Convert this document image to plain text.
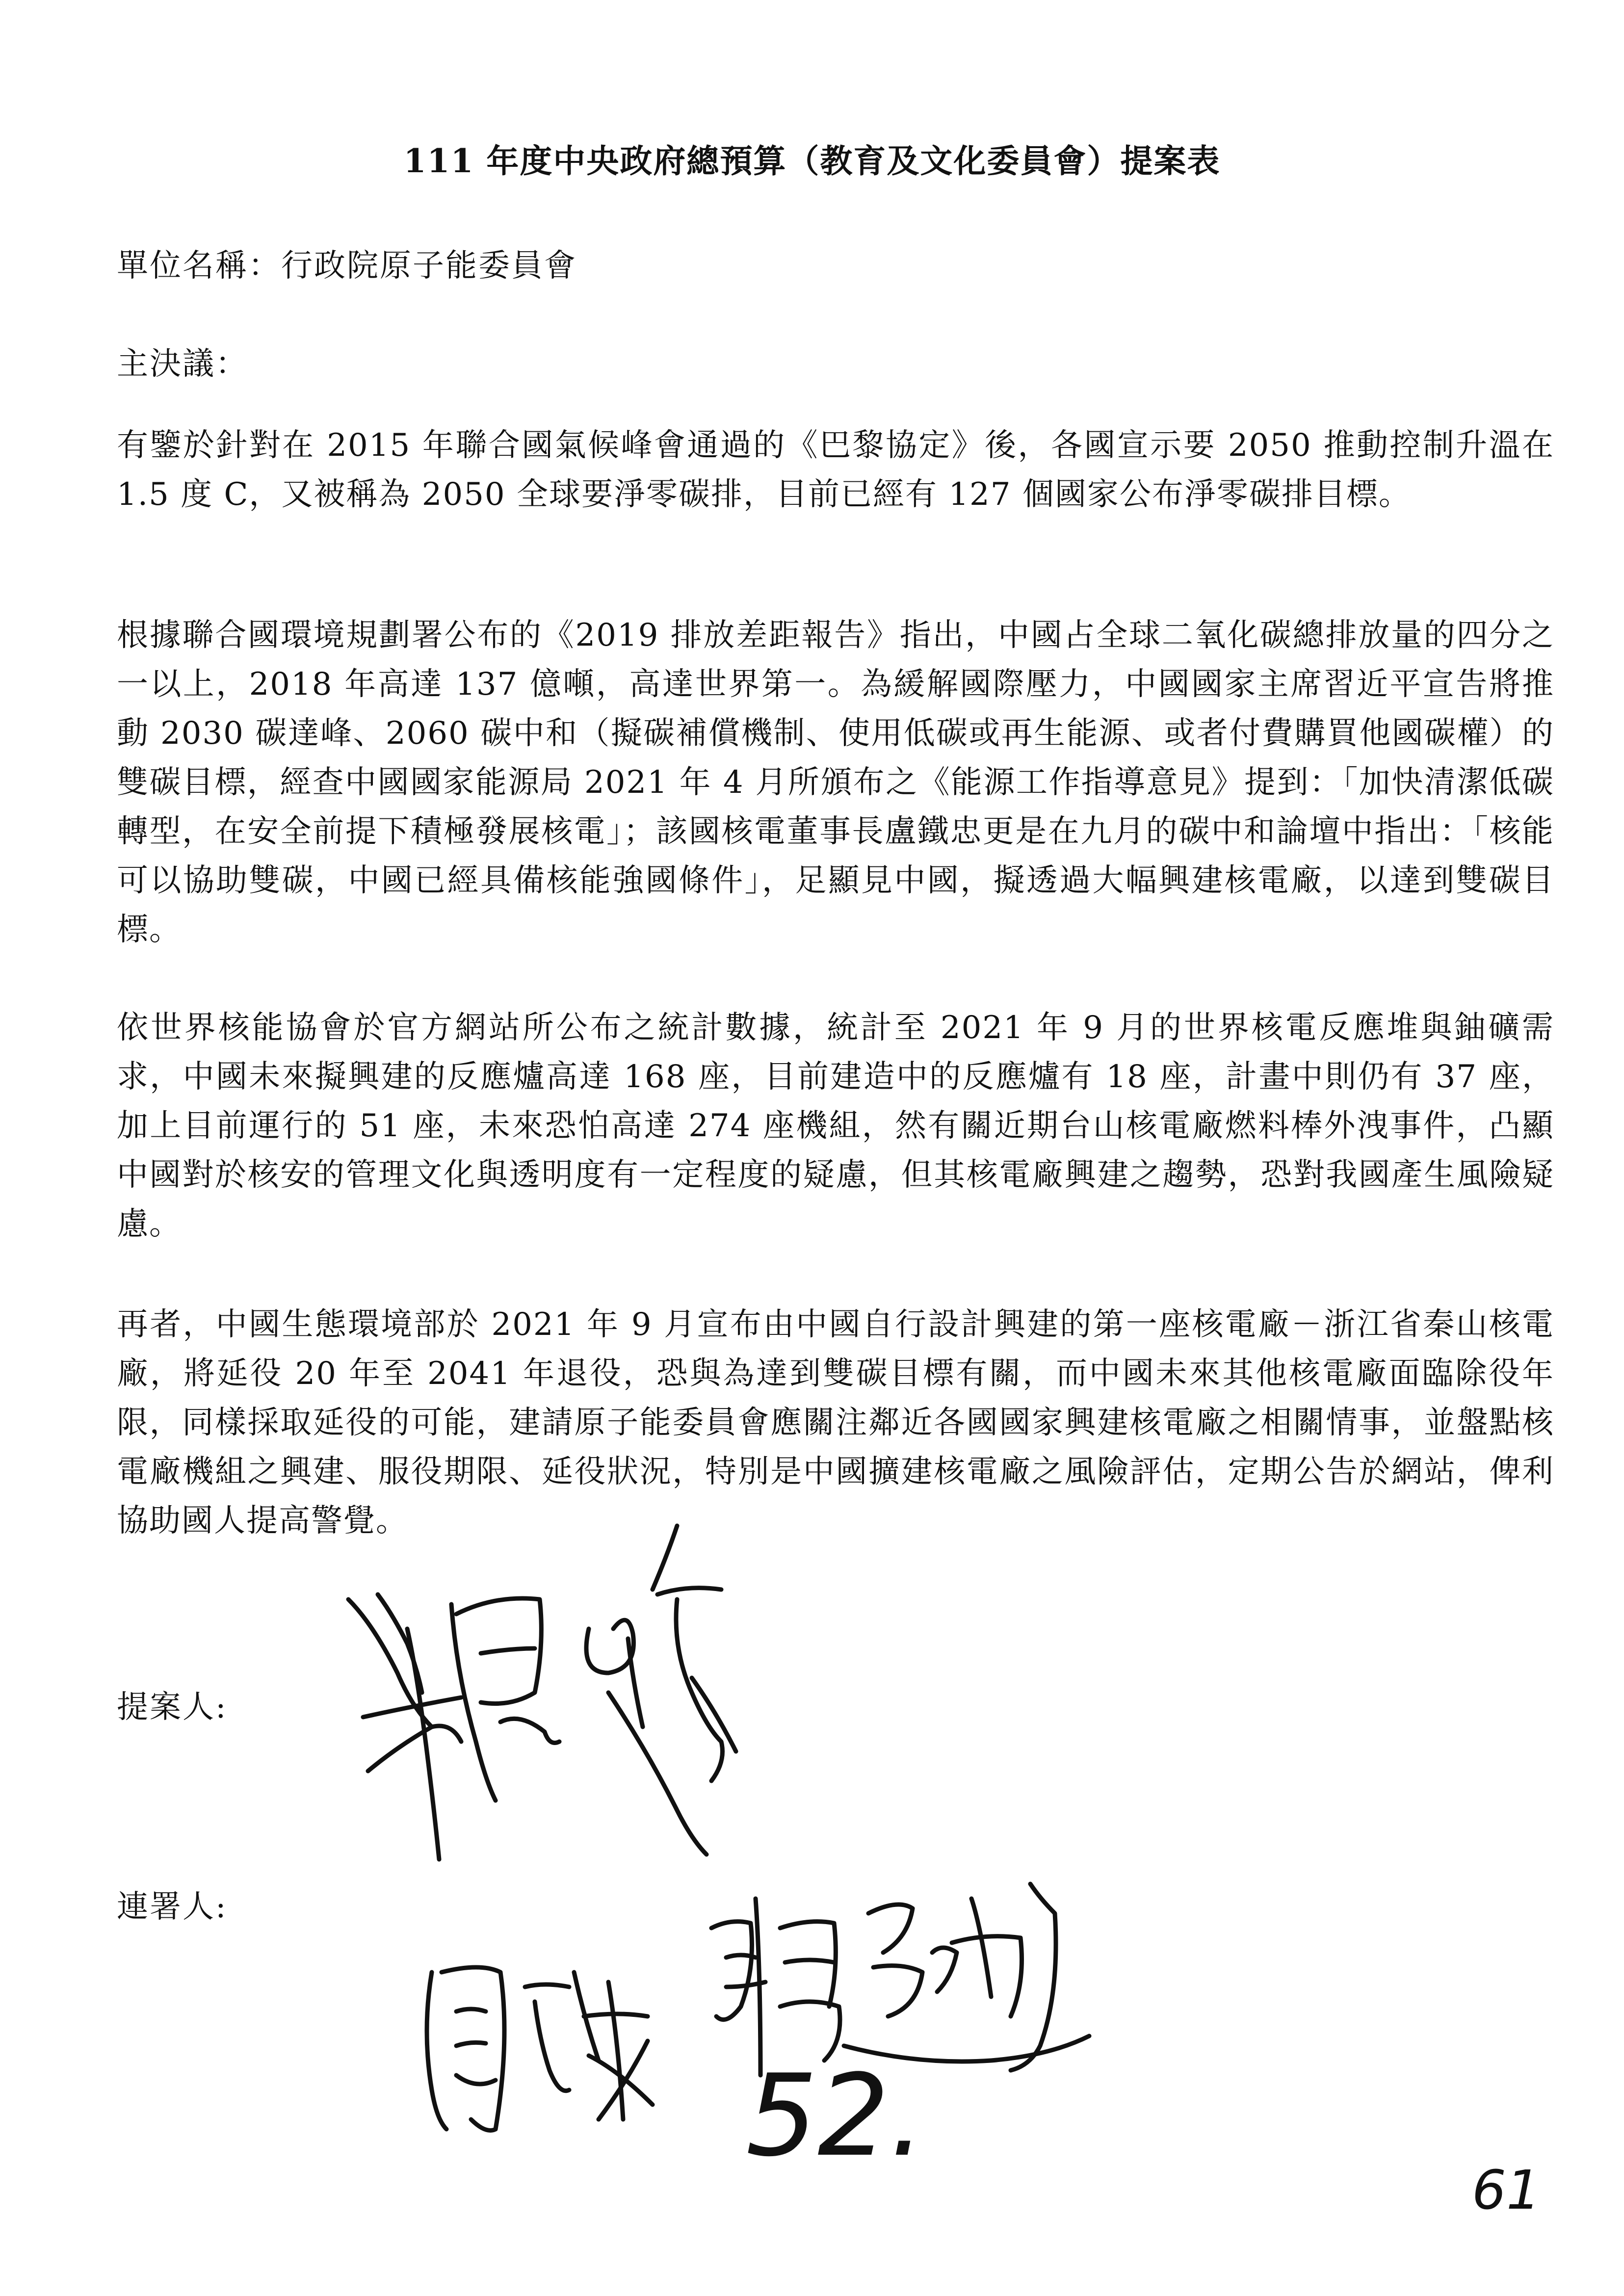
111 年度中央政府總預算（教育及文化委員會）提案表
單位名稱：行政院原子能委員會
主決議：

有鑒於針對在 2015 年聯合國氣候峰會通過的《巴黎協定》後，各國宣示要 2050 推動控制升溫在 1.5 度 C，又被稱為 2050 全球要淨零碳排，目前已經有 127 個國家公布淨零碳排目標。

根據聯合國環境規劃署公布的《2019 排放差距報告》指出，中國占全球二氧化碳總排放量的四分之一以上，2018 年高達 137 億噸，高達世界第一。為緩解國際壓力，中國國家主席習近平宣告將推動 2030 碳達峰、2060 碳中和（擬碳補償機制、使用低碳或再生能源、或者付費購買他國碳權）的雙碳目標，經查中國國家能源局 2021 年 4 月所頒布之《能源工作指導意見》提到：「加快清潔低碳轉型，在安全前提下積極發展核電」；該國核電董事長盧鐵忠更是在九月的碳中和論壇中指出：「核能可以協助雙碳，中國已經具備核能強國條件」，足顯見中國，擬透過大幅興建核電廠，以達到雙碳目標。

依世界核能協會於官方網站所公布之統計數據，統計至 2021 年 9 月的世界核電反應堆與鈾礦需求，中國未來擬興建的反應爐高達 168 座，目前建造中的反應爐有 18 座，計畫中則仍有 37 座，加上目前運行的 51 座，未來恐怕高達 274 座機組，然有關近期台山核電廠燃料棒外洩事件，凸顯中國對於核安的管理文化與透明度有一定程度的疑慮，但其核電廠興建之趨勢，恐對我國產生風險疑慮。

再者，中國生態環境部於 2021 年 9 月宣布由中國自行設計興建的第一座核電廠－浙江省秦山核電廠，將延役 20 年至 2041 年退役，恐與為達到雙碳目標有關，而中國未來其他核電廠面臨除役年限，同樣採取延役的可能，建請原子能委員會應關注鄰近各國國家興建核電廠之相關情事，並盤點核電廠機組之興建、服役期限、延役狀況，特別是中國擴建核電廠之風險評估，定期公告於網站，俾利協助國人提高警覺。

提案人:
連署人:
52.
61
